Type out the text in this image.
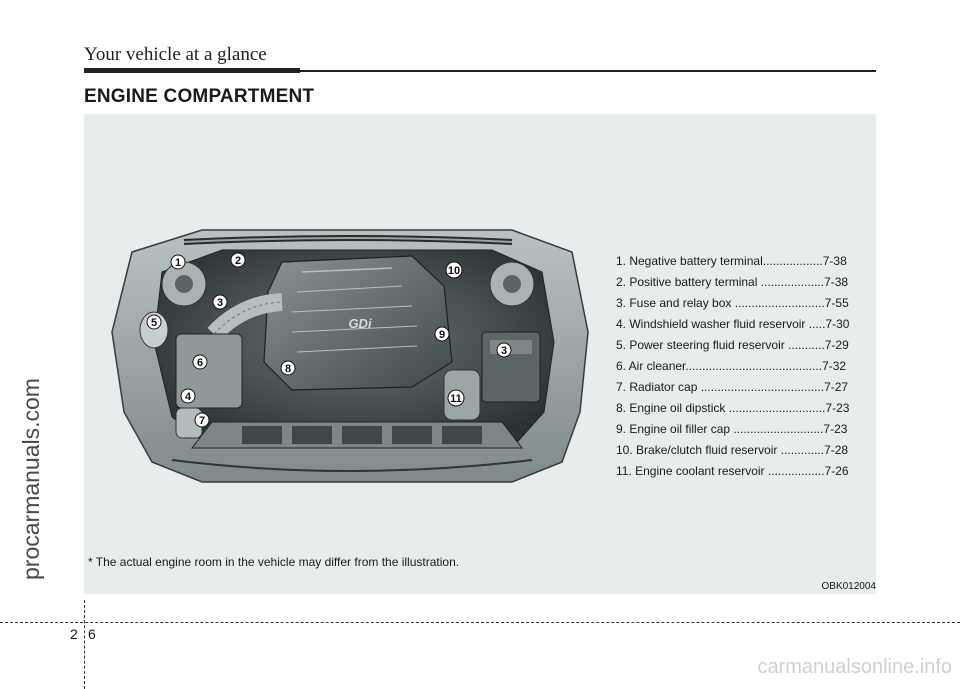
Your vehicle at a glance
ENGINE COMPARTMENT
GDi
1	2
3
3
4
5
6
7
8
9
10
11
1. Negative battery terminal..................7-38
2. Positive battery terminal ...................7-38
3. Fuse and relay box ...........................7-55
4. Windshield washer fluid reservoir .....7-30
5. Power steering fluid reservoir ...........7-29
6. Air cleaner.........................................7-32
7. Radiator cap .....................................7-27
8. Engine oil dipstick .............................7-23
9. Engine oil filler cap ...........................7-23
10. Brake/clutch fluid reservoir .............7-28
11. Engine coolant reservoir .................7-26
* The actual engine room in the vehicle may differ from the illustration.
OBK012004
procarmanuals.com
2 6
carmanualsonline.info
